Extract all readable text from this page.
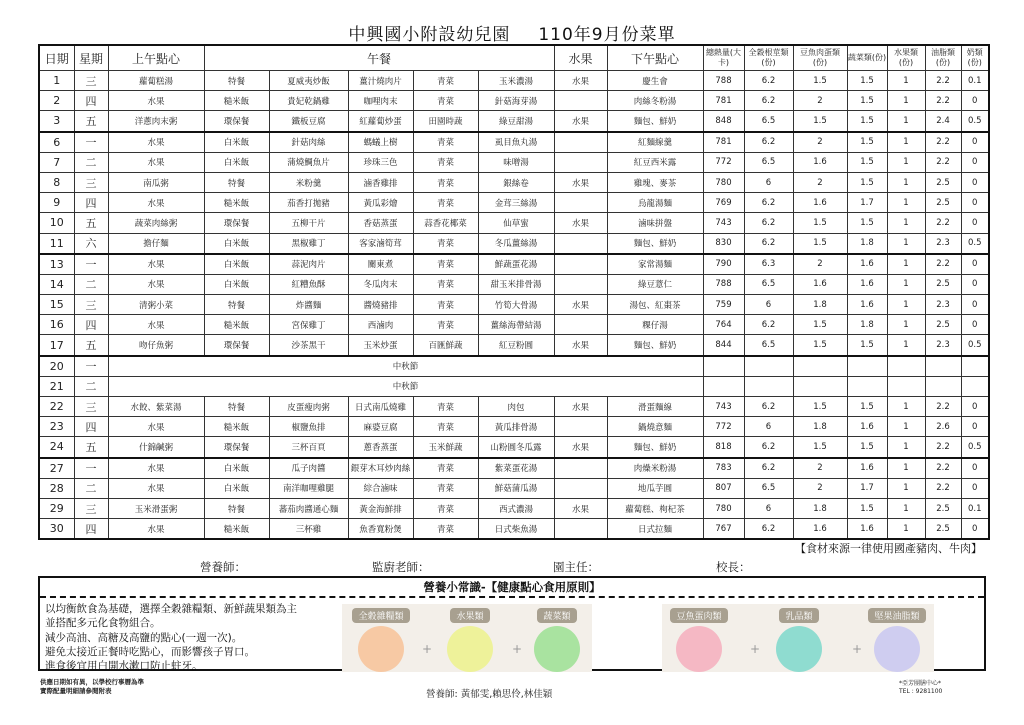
中興國小附設幼兒園 110年9月份菜單
日期	星期	上午點心	午餐					水果	下午點心	總熱量(大卡)	全穀根莖類(份)	豆魚肉蛋類(份)	蔬菜類(份)	水果類(份)	油脂類(份)	奶類(份)
1	三	蘿蔔糕湯	特餐	夏威夷炒飯	薑汁燒肉片	青菜	玉米濃湯	水果	慶生會	788	6.2	1.5	1.5	1	2.2	0.1
2	四	水果	糙米飯	貴妃乾鍋雞	咖哩肉末	青菜	針菇海芽湯		肉絲冬粉湯	781	6.2	2	1.5	1	2.2	0
3	五	洋蔥肉末粥	環保餐	鐵板豆腐	紅蘿蔔炒蛋	田園時蔬	綠豆甜湯	水果	麵包、鮮奶	848	6.5	1.5	1.5	1	2.4	0.5
6	一	水果	白米飯	針菇肉絲	螞蟻上樹	青菜	虱目魚丸湯		紅麵線羹	781	6.2	2	1.5	1	2.2	0
7	二	水果	白米飯	蒲燒鯛魚片	珍珠三色	青菜	味噌湯		紅豆西米露	772	6.5	1.6	1.5	1	2.2	0
8	三	南瓜粥	特餐	米粉羹	滷香雞排	青菜	銀絲卷	水果	雞塊、麥茶	780	6	2	1.5	1	2.5	0
9	四	水果	糙米飯	茄香打拋豬	黃瓜彩燴	青菜	金茸三絲湯		烏龍湯麵	769	6.2	1.6	1.7	1	2.5	0
10	五	蔬菜肉絲粥	環保餐	五柳干片	香菇蒸蛋	蒜香花椰菜	仙草蜜	水果	滷味拼盤	743	6.2	1.5	1.5	1	2.2	0
11	六	擔仔麵	白米飯	黑椒雞丁	客家滷筍茸	青菜	冬瓜薑絲湯		麵包、鮮奶	830	6.2	1.5	1.8	1	2.3	0.5
13	一	水果	白米飯	蒜泥肉片	關東煮	青菜	鮮蔬蛋花湯		家常湯麵	790	6.3	2	1.6	1	2.2	0
14	二	水果	白米飯	紅糟魚酥	冬瓜肉末	青菜	甜玉米排骨湯		綠豆薏仁	788	6.5	1.6	1.6	1	2.5	0
15	三	清粥小菜	特餐	炸醬麵	醬燒豬排	青菜	竹筍大骨湯	水果	湯包、紅棗茶	759	6	1.8	1.6	1	2.3	0
16	四	水果	糙米飯	宮保雞丁	西滷肉	青菜	薑絲海帶結湯		粿仔湯	764	6.2	1.5	1.8	1	2.5	0
17	五	吻仔魚粥	環保餐	沙茶黑干	玉米炒蛋	百匯鮮蔬	紅豆粉圓	水果	麵包、鮮奶	844	6.5	1.5	1.5	1	2.3	0.5
20	一	中秋節														
21	二	中秋節														
22	三	水餃、紫菜湯	特餐	皮蛋瘦肉粥	日式南瓜燒雞	青菜	肉包	水果	滑蛋麵線	743	6.2	1.5	1.5	1	2.2	0
23	四	水果	糙米飯	椒鹽魚排	麻婆豆腐	青菜	黃瓜排骨湯		鍋燒意麵	772	6	1.8	1.6	1	2.6	0
24	五	什錦鹹粥	環保餐	三杯百頁	蔥香蒸蛋	玉米鮮蔬	山粉圓冬瓜露	水果	麵包、鮮奶	818	6.2	1.5	1.5	1	2.2	0.5
27	一	水果	白米飯	瓜子肉醬	銀芽木耳炒肉絲	青菜	紫菜蛋花湯		肉燥米粉湯	783	6.2	2	1.6	1	2.2	0
28	二	水果	白米飯	南洋咖哩雞腿	綜合滷味	青菜	鮮菇蒲瓜湯		地瓜芋圓	807	6.5	2	1.7	1	2.2	0
29	三	玉米滑蛋粥	特餐	蕃茄肉醬通心麵	黃金海鮮排	青菜	西式濃湯	水果	蘿蔔糕、枸杞茶	780	6	1.8	1.5	1	2.5	0.1
30	四	水果	糙米飯	三杯雞	魚香寬粉煲	青菜	日式柴魚湯		日式拉麵	767	6.2	1.6	1.6	1	2.5	0
【食材來源一律使用國產豬肉、牛肉】
營養師：	監廚老師：	園主任：	校長：
營養小常識-【健康點心食用原則】
以均衡飲食為基礎，選擇全穀雜糧類、新鮮蔬果類為主
並搭配多元化食物組合。
減少高油、高糖及高鹽的點心(一週一次)。
避免太接近正餐時吃點心，而影響孩子胃口。
進食後宜用白開水漱口防止蛀牙。
全穀雜糧類
+
水果類
+
蔬菜類	豆魚蛋肉類
+
乳品類
+
堅果油脂類
供應日期如有異，以學校行事曆為準
實際配量明細請參閱附表	營養師: 黃郁雯,賴思伶,林佳穎
*亞芳團膳中心*
TEL : 9281100
